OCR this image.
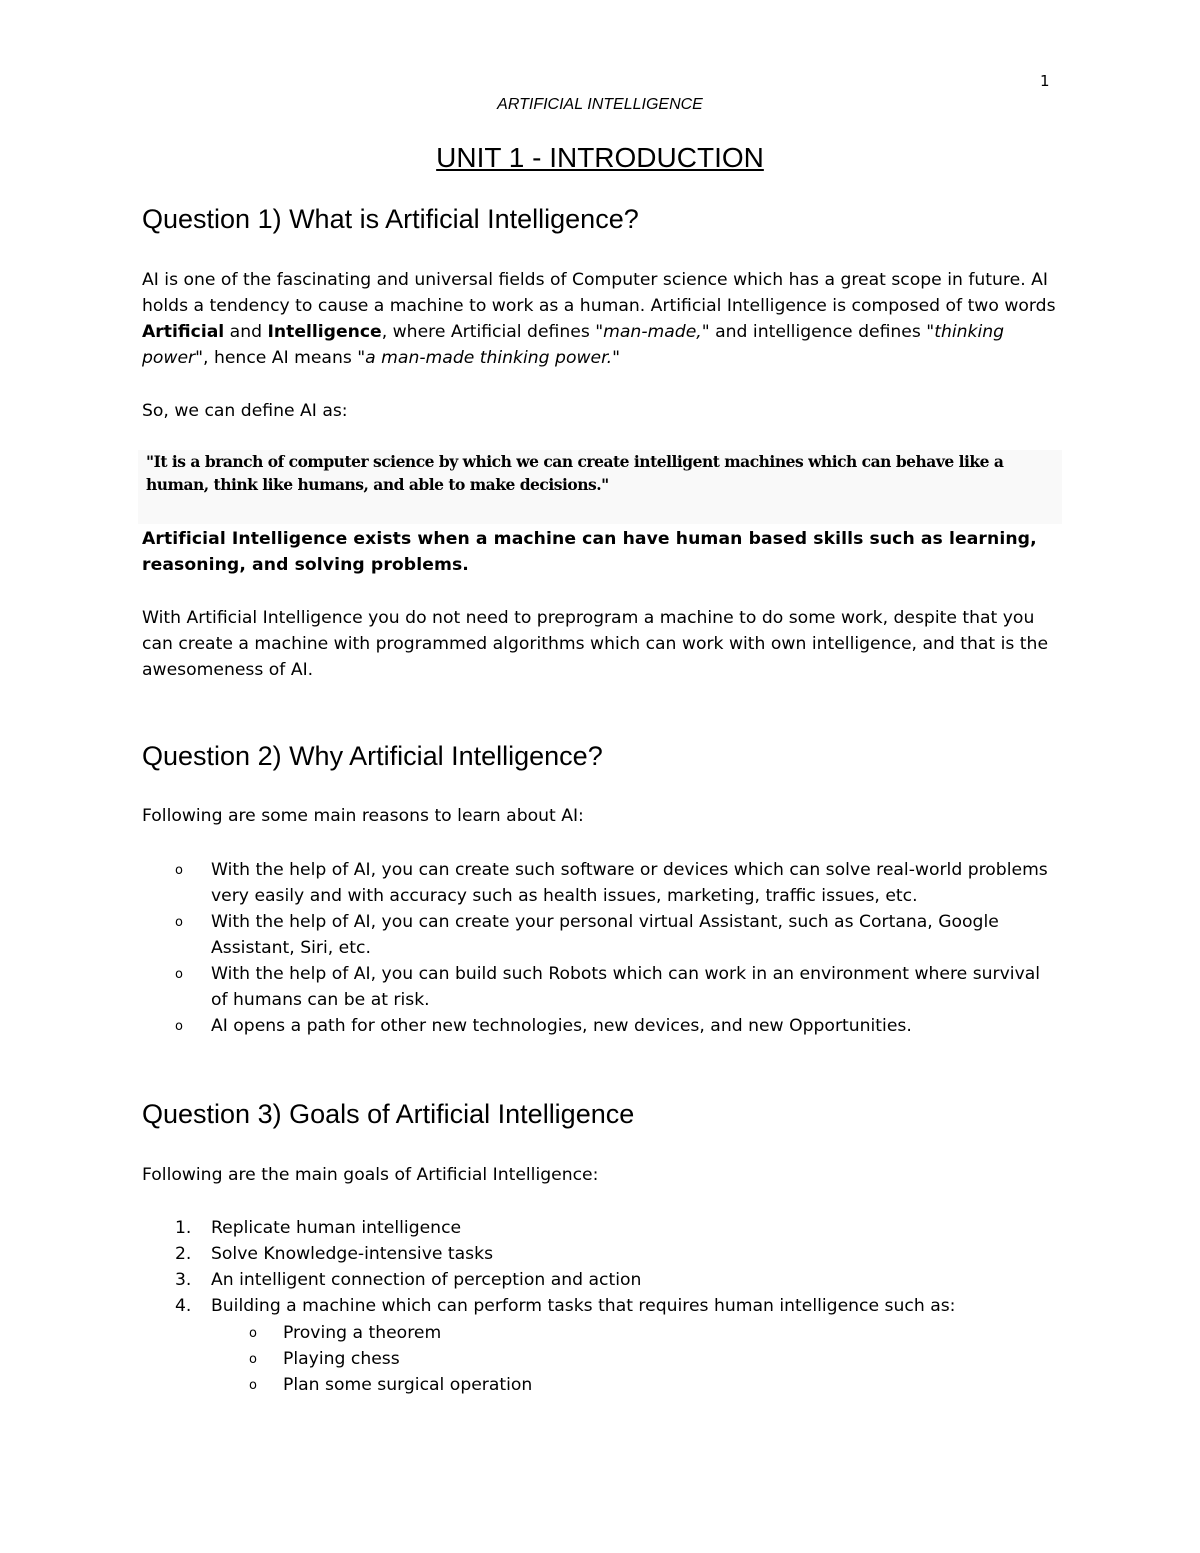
1
ARTIFICIAL INTELLIGENCE
UNIT 1 - INTRODUCTION
Question 1) What is Artificial Intelligence?

AI is one of the fascinating and universal fields of Computer science which has a great scope in future. AI holds a tendency to cause a machine to work as a human. Artificial Intelligence is composed of two words Artificial and Intelligence, where Artificial defines "man-made," and intelligence defines "thinking power", hence AI means "a man-made thinking power."

So, we can define AI as:

"It is a branch of computer science by which we can create intelligent machines which can behave like a human, think like humans, and able to make decisions."

Artificial Intelligence exists when a machine can have human based skills such as learning, reasoning, and solving problems.

With Artificial Intelligence you do not need to preprogram a machine to do some work, despite that you can create a machine with programmed algorithms which can work with own intelligence, and that is the awesomeness of AI.

Question 2) Why Artificial Intelligence?

Following are some main reasons to learn about AI:

o With the help of AI, you can create such software or devices which can solve real-world problems very easily and with accuracy such as health issues, marketing, traffic issues, etc.
o With the help of AI, you can create your personal virtual Assistant, such as Cortana, Google Assistant, Siri, etc.
o With the help of AI, you can build such Robots which can work in an environment where survival of humans can be at risk.
o AI opens a path for other new technologies, new devices, and new Opportunities.
Question 3) Goals of Artificial Intelligence

Following are the main goals of Artificial Intelligence:

1. Replicate human intelligence
2. Solve Knowledge-intensive tasks
3. An intelligent connection of perception and action
4. Building a machine which can perform tasks that requires human intelligence such as:
o Proving a theorem
o Playing chess
o Plan some surgical operation
